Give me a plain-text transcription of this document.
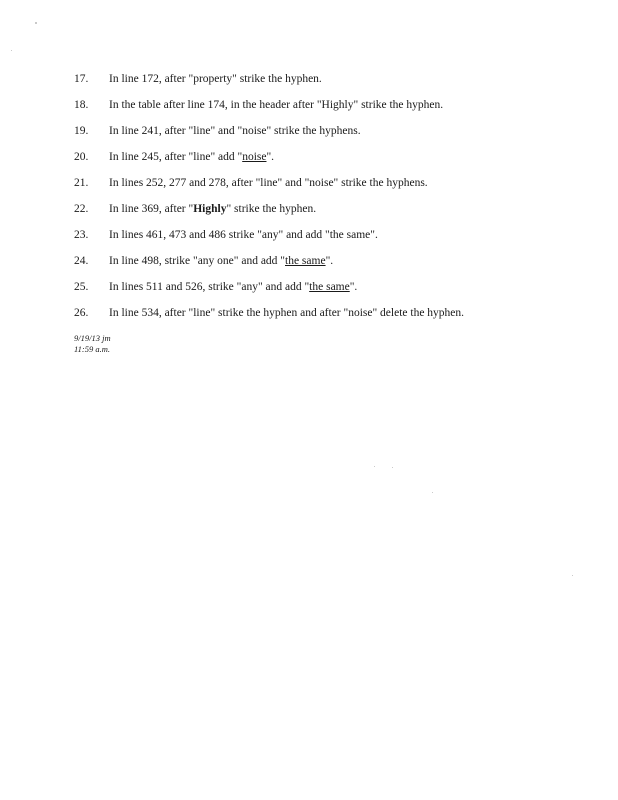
17.	In line 172, after "property" strike the hyphen.
18.	In the table after line 174, in the header after "Highly" strike the hyphen.
19.	In line 241, after "line" and "noise" strike the hyphens.
20.	In line 245, after "line" add "noise".
21.	In lines 252, 277 and 278, after "line" and "noise" strike the hyphens.
22.	In line 369, after "Highly" strike the hyphen.
23.	In lines 461, 473 and 486 strike "any" and add "the same".
24.	In line 498, strike "any one" and add "the same".
25.	In lines 511 and 526, strike "any" and add "the same".
26.	In line 534, after "line" strike the hyphen and after "noise" delete the hyphen.
9/19/13 jm
11:59 a.m.
